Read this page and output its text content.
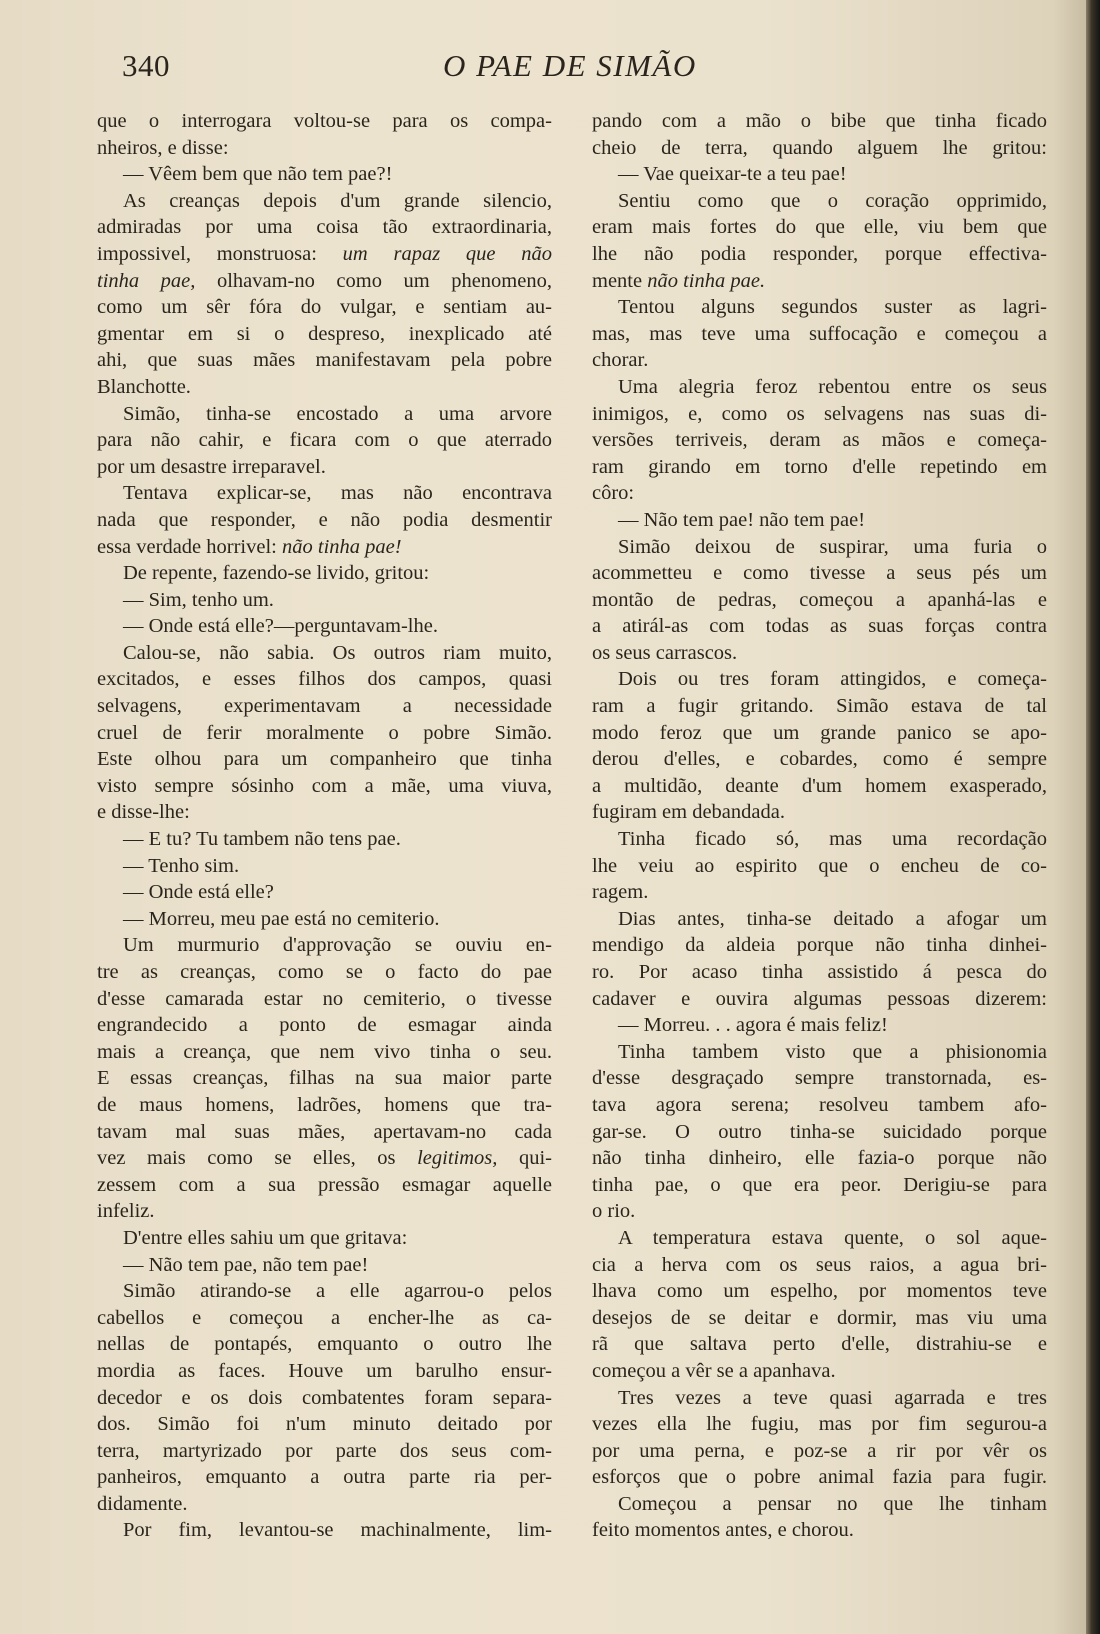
340	O PAE DE SIMÃO
que o interrogara voltou-se para os compa-
nheiros, e disse:
— Vêem bem que não tem pae?!
As creanças depois d'um grande silencio,
admiradas por uma coisa tão extraordinaria,
impossivel, monstruosa: um rapaz que não
tinha pae, olhavam-no como um phenomeno,
como um sêr fóra do vulgar, e sentiam au-
gmentar em si o despreso, inexplicado até
ahi, que suas mães manifestavam pela pobre
Blanchotte.
Simão, tinha-se encostado a uma arvore
para não cahir, e ficara com o que aterrado
por um desastre irreparavel.
Tentava explicar-se, mas não encontrava
nada que responder, e não podia desmentir
essa verdade horrivel: não tinha pae!
De repente, fazendo-se livido, gritou:
— Sim, tenho um.
— Onde está elle?—perguntavam-lhe.
Calou-se, não sabia. Os outros riam muito,
excitados, e esses filhos dos campos, quasi
selvagens, experimentavam a necessidade
cruel de ferir moralmente o pobre Simão.
Este olhou para um companheiro que tinha
visto sempre sósinho com a mãe, uma viuva,
e disse-lhe:
— E tu? Tu tambem não tens pae.
— Tenho sim.
— Onde está elle?
— Morreu, meu pae está no cemiterio.
Um murmurio d'approvação se ouviu en-
tre as creanças, como se o facto do pae
d'esse camarada estar no cemiterio, o tivesse
engrandecido a ponto de esmagar ainda
mais a creança, que nem vivo tinha o seu.
E essas creanças, filhas na sua maior parte
de maus homens, ladrões, homens que tra-
tavam mal suas mães, apertavam-no cada
vez mais como se elles, os legitimos, qui-
zessem com a sua pressão esmagar aquelle
infeliz.
D'entre elles sahiu um que gritava:
— Não tem pae, não tem pae!
Simão atirando-se a elle agarrou-o pelos
cabellos e começou a encher-lhe as ca-
nellas de pontapés, emquanto o outro lhe
mordia as faces. Houve um barulho ensur-
decedor e os dois combatentes foram separa-
dos. Simão foi n'um minuto deitado por
terra, martyrizado por parte dos seus com-
panheiros, emquanto a outra parte ria per-
didamente.
Por fim, levantou-se machinalmente, lim-
pando com a mão o bibe que tinha ficado
cheio de terra, quando alguem lhe gritou:
— Vae queixar-te a teu pae!
Sentiu como que o coração opprimido,
eram mais fortes do que elle, viu bem que
lhe não podia responder, porque effectiva-
mente não tinha pae.
Tentou alguns segundos suster as lagri-
mas, mas teve uma suffocação e começou a
chorar.
Uma alegria feroz rebentou entre os seus
inimigos, e, como os selvagens nas suas di-
versões terriveis, deram as mãos e começa-
ram girando em torno d'elle repetindo em
côro:
— Não tem pae! não tem pae!
Simão deixou de suspirar, uma furia o
acommetteu e como tivesse a seus pés um
montão de pedras, começou a apanhá-las e
a atirál-as com todas as suas forças contra
os seus carrascos.
Dois ou tres foram attingidos, e começa-
ram a fugir gritando. Simão estava de tal
modo feroz que um grande panico se apo-
derou d'elles, e cobardes, como é sempre
a multidão, deante d'um homem exasperado,
fugiram em debandada.
Tinha ficado só, mas uma recordação
lhe veiu ao espirito que o encheu de co-
ragem.
Dias antes, tinha-se deitado a afogar um
mendigo da aldeia porque não tinha dinhei-
ro. Por acaso tinha assistido á pesca do
cadaver e ouvira algumas pessoas dizerem:
— Morreu. . . agora é mais feliz!
Tinha tambem visto que a phisionomia
d'esse desgraçado sempre transtornada, es-
tava agora serena; resolveu tambem afo-
gar-se. O outro tinha-se suicidado porque
não tinha dinheiro, elle fazia-o porque não
tinha pae, o que era peor. Derigiu-se para
o rio.
A temperatura estava quente, o sol aque-
cia a herva com os seus raios, a agua bri-
lhava como um espelho, por momentos teve
desejos de se deitar e dormir, mas viu uma
rã que saltava perto d'elle, distrahiu-se e
começou a vêr se a apanhava.
Tres vezes a teve quasi agarrada e tres
vezes ella lhe fugiu, mas por fim segurou-a
por uma perna, e poz-se a rir por vêr os
esforços que o pobre animal fazia para fugir.
Começou a pensar no que lhe tinham
feito momentos antes, e chorou.
